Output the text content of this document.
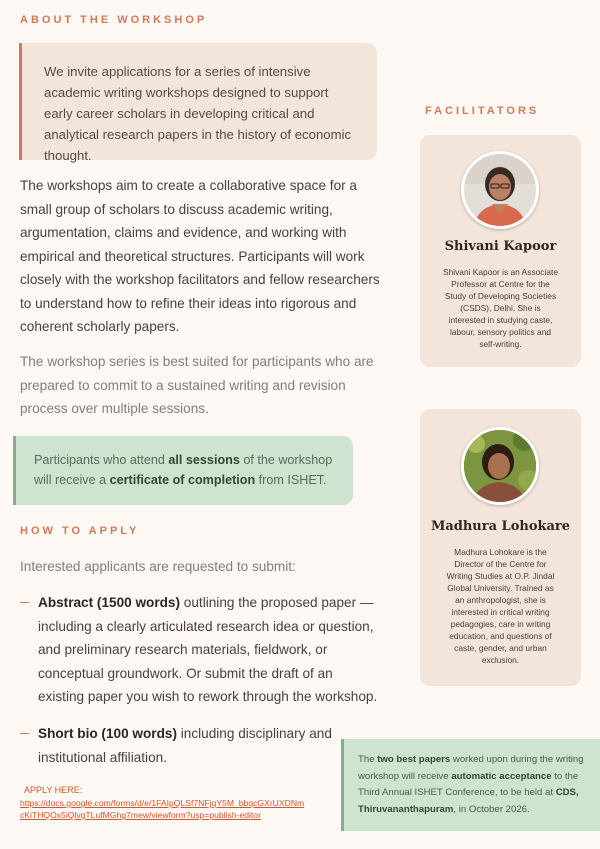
ABOUT THE WORKSHOP
We invite applications for a series of intensive academic writing workshops designed to support early career scholars in developing critical and analytical research papers in the history of economic thought.
The workshops aim to create a collaborative space for a small group of scholars to discuss academic writing, argumentation, claims and evidence, and working with empirical and theoretical structures. Participants will work closely with the workshop facilitators and fellow researchers to understand how to refine their ideas into rigorous and coherent scholarly papers.
The workshop series is best suited for participants who are prepared to commit to a sustained writing and revision process over multiple sessions.
Participants who attend all sessions of the workshop will receive a certificate of completion from ISHET.
HOW TO APPLY
Interested applicants are requested to submit:
Abstract (1500 words) outlining the proposed paper — including a clearly articulated research idea or question, and preliminary research materials, fieldwork, or conceptual groundwork. Or submit the draft of an existing paper you wish to rework through the workshop.
Short bio (100 words) including disciplinary and institutional affiliation.
APPLY HERE:
https://docs.google.com/forms/d/e/1FAIpQLSf7NFjqY5M_bbqcGXrUXDNmcKiTHQOx5iQlvgTLufMGhg7mew/viewform?usp=publish-editor
FACILITATORS
Shivani Kapoor
Shivani Kapoor is an Associate Professor at Centre for the Study of Developing Societies (CSDS), Delhi. She is interested in studying caste, labour, sensory politics and self-writing.
Madhura Lohokare
Madhura Lohokare is the Director of the Centre for Writing Studies at O.P. Jindal Global University. Trained as an anthropologist, she is interested in critical writing pedagogies, care in writing education, and questions of caste, gender, and urban exclusion.
The two best papers worked upon during the writing workshop will receive automatic acceptance to the Third Annual ISHET Conference, to be held at CDS, Thiruvananthapuram, in October 2026.
